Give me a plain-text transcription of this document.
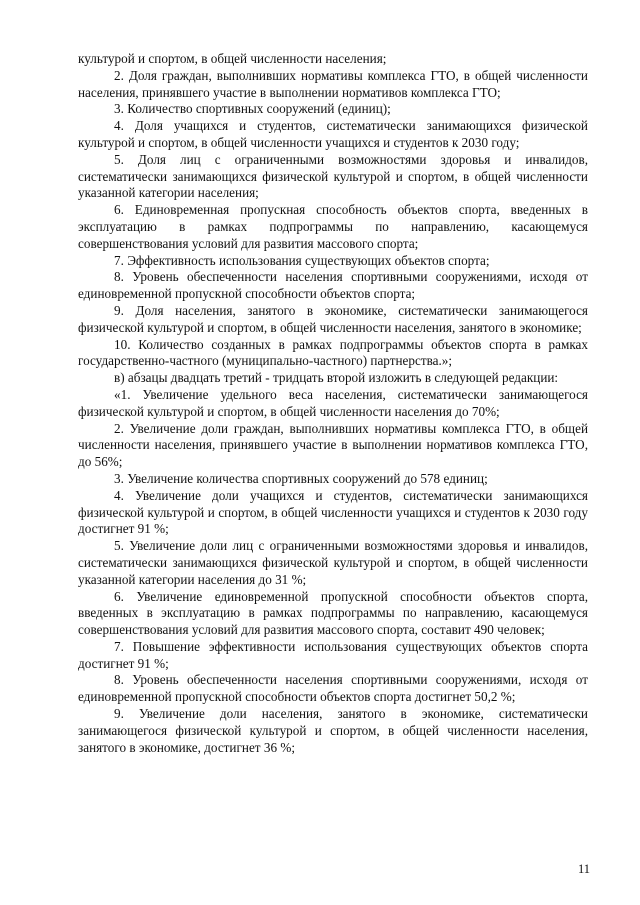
культурой и спортом, в общей численности населения;

2. Доля граждан, выполнивших нормативы комплекса ГТО, в общей численности населения, принявшего участие в выполнении нормативов комплекса ГТО;

3. Количество спортивных сооружений (единиц);

4. Доля учащихся и студентов, систематически занимающихся физической культурой и спортом, в общей численности учащихся и студентов к 2030 году;

5. Доля лиц с ограниченными возможностями здоровья и инвалидов, систематически занимающихся физической культурой и спортом, в общей численности указанной категории населения;

6. Единовременная пропускная способность объектов спорта, введенных в эксплуатацию в рамках подпрограммы по направлению, касающемуся совершенствования условий для развития массового спорта;

7. Эффективность использования существующих объектов спорта;

8. Уровень обеспеченности населения спортивными сооружениями, исходя от единовременной пропускной способности объектов спорта;

9. Доля населения, занятого в экономике, систематически занимающегося физической культурой и спортом, в общей численности населения, занятого в экономике;

10. Количество созданных в рамках подпрограммы объектов спорта в рамках государственно-частного (муниципально-частного) партнерства.»;

в) абзацы двадцать третий - тридцать второй изложить в следующей редакции:

«1. Увеличение удельного веса населения, систематически занимающегося физической культурой и спортом, в общей численности населения до 70%;

2. Увеличение доли граждан, выполнивших нормативы комплекса ГТО, в общей численности населения, принявшего участие в выполнении нормативов комплекса ГТО, до 56%;

3. Увеличение количества спортивных сооружений до 578 единиц;

4. Увеличение доли учащихся и студентов, систематически занимающихся физической культурой и спортом, в общей численности учащихся и студентов к 2030 году достигнет 91 %;

5. Увеличение доли лиц с ограниченными возможностями здоровья и инвалидов, систематически занимающихся физической культурой и спортом, в общей численности указанной категории населения до 31 %;

6. Увеличение единовременной пропускной способности объектов спорта, введенных в эксплуатацию в рамках подпрограммы по направлению, касающемуся совершенствования условий для развития массового спорта, составит 490 человек;

7. Повышение эффективности использования существующих объектов спорта достигнет 91 %;

8. Уровень обеспеченности населения спортивными сооружениями, исходя от единовременной пропускной способности объектов спорта достигнет 50,2 %;

9. Увеличение доли населения, занятого в экономике, систематически занимающегося физической культурой и спортом, в общей численности населения, занятого в экономике, достигнет 36 %;

11
